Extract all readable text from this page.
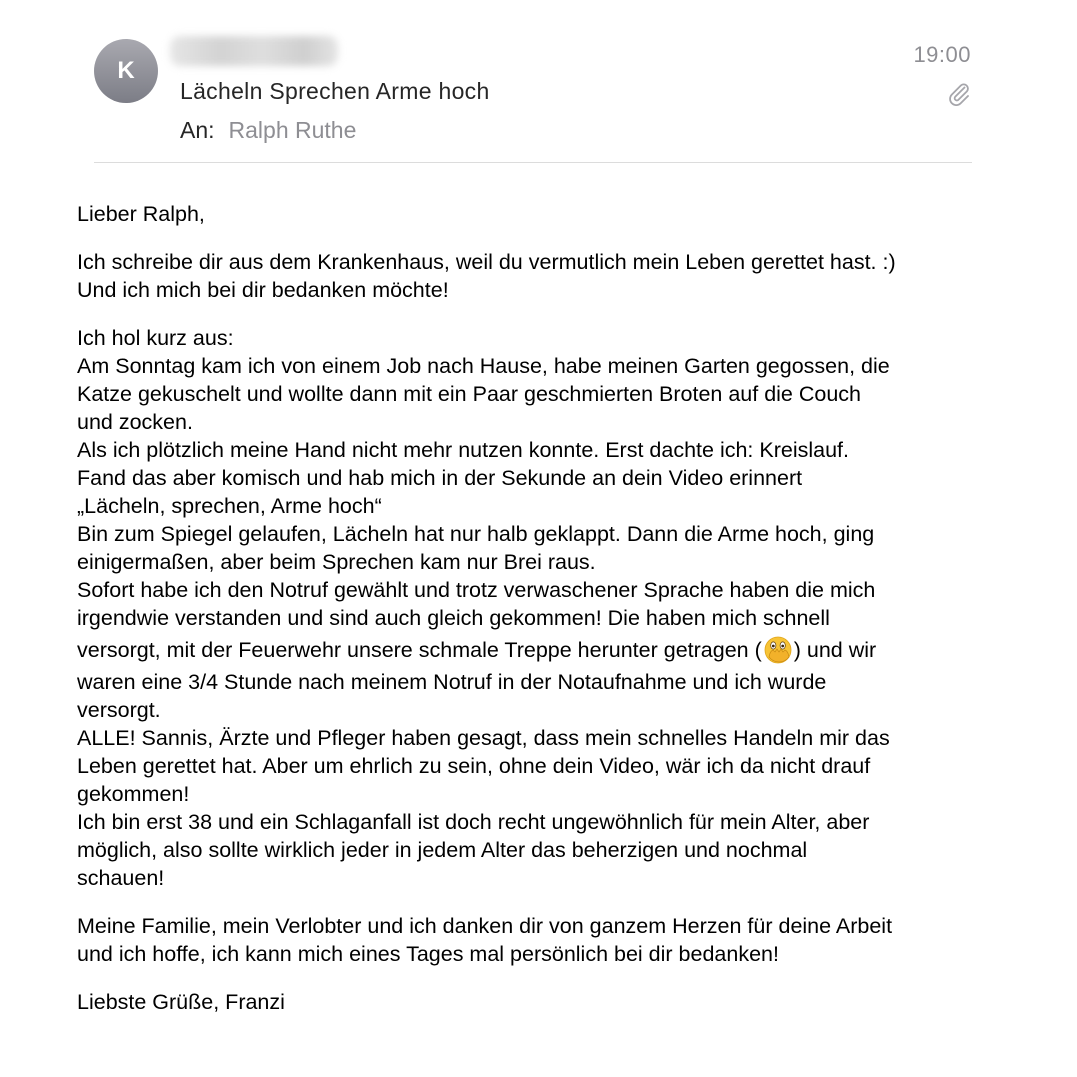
K
Lächeln Sprechen Arme hoch
An: Ralph Ruthe
19:00

Lieber Ralph,

Ich schreibe dir aus dem Krankenhaus, weil du vermutlich mein Leben gerettet hast. :)
Und ich mich bei dir bedanken möchte!

Ich hol kurz aus:
Am Sonntag kam ich von einem Job nach Hause, habe meinen Garten gegossen, die
Katze gekuschelt und wollte dann mit ein Paar geschmierten Broten auf die Couch
und zocken.
Als ich plötzlich meine Hand nicht mehr nutzen konnte. Erst dachte ich: Kreislauf.
Fand das aber komisch und hab mich in der Sekunde an dein Video erinnert
„Lächeln, sprechen, Arme hoch“
Bin zum Spiegel gelaufen, Lächeln hat nur halb geklappt. Dann die Arme hoch, ging
einigermaßen, aber beim Sprechen kam nur Brei raus.
Sofort habe ich den Notruf gewählt und trotz verwaschener Sprache haben die mich
irgendwie verstanden und sind auch gleich gekommen! Die haben mich schnell
versorgt, mit der Feuerwehr unsere schmale Treppe herunter getragen ( ) und wir
waren eine 3/4 Stunde nach meinem Notruf in der Notaufnahme und ich wurde
versorgt.
ALLE! Sannis, Ärzte und Pfleger haben gesagt, dass mein schnelles Handeln mir das
Leben gerettet hat. Aber um ehrlich zu sein, ohne dein Video, wär ich da nicht drauf
gekommen!
Ich bin erst 38 und ein Schlaganfall ist doch recht ungewöhnlich für mein Alter, aber
möglich, also sollte wirklich jeder in jedem Alter das beherzigen und nochmal
schauen!

Meine Familie, mein Verlobter und ich danken dir von ganzem Herzen für deine Arbeit
und ich hoffe, ich kann mich eines Tages mal persönlich bei dir bedanken!

Liebste Grüße, Franzi
